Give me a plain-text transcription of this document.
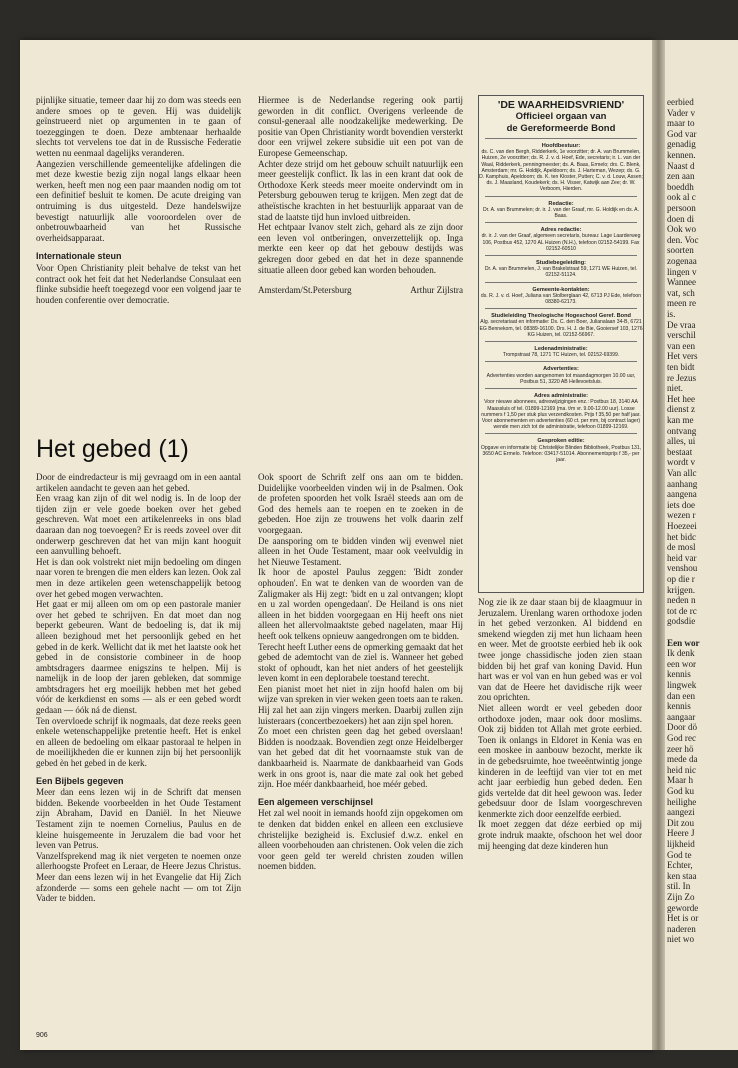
eerbied
Vader v
maar to
God var
genadig
kennen.
Naast d
zen aan
boeddh
ook al c
persoon
doen di
Ook wo
den. Voc
soorten
zogenaa
lingen v
Wannee
vat, sch
meen re
is.
De vraa
verschil
van een
Het vers
ten bidt
re Jezus
niet.
Het hee
dienst z
kan me
ontvang
alles, ui
bestaat
wordt v
Van allc
aanhang
aangena
iets doe
wezen r
Hoezeei
het bidc
de mosl
heid var
venshou
op die r
krijgen.
neden n
tot de rc
godsdie
Een wor
Ik denk
een wor
kennis
lingwek
dan een
kennis
aangaar
Door dö
God rec
zeer hö
mede da
heid nic
Maar h
God ku
heilighe
aangezi
Dit zou
Heere J
lijkheid
God te
Echter,
ken staa
stil. In
Zijn Zo
geworde
Het is or
naderen
niet wo

pijnlijke situatie, temeer daar hij zo dom was steeds een andere smoes op te geven. Hij was duidelijk geïnstrueerd niet op argumenten in te gaan of toezeggingen te doen. Deze ambtenaar herhaalde slechts tot vervelens toe dat in de Russische Federatie wetten nu eenmaal dagelijks veranderen.

Aangezien verschillende gemeentelijke afdelingen die met deze kwestie bezig zijn nogal langs elkaar heen werken, heeft men nog een paar maanden nodig om tot een definitief besluit te komen. De acute dreiging van ontruiming is dus uitgesteld. Deze handelswijze bevestigt natuurlijk alle vooroordelen over de onbetrouwbaarheid van het Russische overheidsapparaat.

Internationale steun

Voor Open Christianity pleit behalve de tekst van het contract ook het feit dat het Nederlandse Consulaat een flinke subsidie heeft toegezegd voor een volgend jaar te houden conferentie over democratie.

Hiermee is de Nederlandse regering ook partij geworden in dit conflict. Overigens verleende de consul-generaal alle noodzakelijke medewerking. De positie van Open Christianity wordt bovendien versterkt door een vrijwel zekere subsidie uit een pot van de Europese Gemeenschap.

Achter deze strijd om het gebouw schuilt natuurlijk een meer geestelijk conflict. Ik las in een krant dat ook de Orthodoxe Kerk steeds meer moeite ondervindt om in Petersburg gebouwen terug te krijgen. Men zegt dat de atheïstische krachten in het bestuurlijk apparaat van de stad de laatste tijd hun invloed uitbreiden.

Het echtpaar Ivanov stelt zich, gehard als ze zijn door een leven vol ontberingen, onverzettelijk op. Inga merkte een keer op dat het gebouw destijds was gekregen door gebed en dat het in deze spannende situatie alleen door gebed kan worden behouden.

Amsterdam/St.Petersburg	Arthur Zijlstra
'DE WAARHEIDSVRIEND'
Officieel orgaan van
de Gereformeerde Bond
Hoofdbestuur:
ds. C. van den Bergh, Ridderkerk, 1e voorzitter; dr. A. van Brummelen, Huizen, 2e voorzitter; ds. R. J. v. d. Hoef, Ede, secretaris; ir. L. van der Waal, Ridderkerk, penningmeester; ds. A. Baas, Ermelo; drs. C. Blenk, Amsterdam; mr. G. Holdijk, Apeldoorn; ds. J. Harteman, Wezep; ds. G. D. Kamphuis, Apeldoorn; ds. K. ten Kloster, Putten; C. v. d. Louw, Assen; ds. J. Maasland, Koudekerk; ds. H. Visser, Katwijk aan Zee; dr. W. Verboom, Hierden.
Redactie:
Dr. A. van Brummelen; dr. ir. J. van der Graaf, mr. G. Holdijk en ds. A. Baas.
Adres redactie:
dr. ir. J. van der Graaf, algemeen secretaris, bureau: Lage Laarderweg 106, Postbus 452, 1270 AL Huizen (N.H.), telefoon 02152-54199. Fax 02152-60510
Studiebegeleiding:
Dr. A. van Brummelen, J. van Brakelstraat 59, 1271 WE Huizen, tel. 02152-51124.
Gemeente-kontakten:
ds. R. J. v. d. Hoef, Juliana van Stolberglaan 42, 6713 PJ Ede, telefoon 08380-62173.
Studieleiding Theologische Hogeschool Geref. Bond
Alg. secretariaat en informatie: Ds. C. den Boer, Julianalaan 34-B, 6721 EG Bennekom, tel. 08389-16100. Drs. H. J. de Bie, Gooiersef 103, 1276 KG Huizen, tel. 02152-56967.
Ledenadministratie:
Trompstraat 78, 1271 TC Huizen, tel. 02152-69399.
Advertenties:
Advertenties worden aangenomen tot maandagmorgen 10.00 uur, Postbus 51, 3220 AB Hellevoetsluis.
Adres administratie:
Voor nieuwe abonnees, adreswijzigingen enz.: Postbus 18, 3140 AA Maassluis of tel. 01899-12169 (ma. t/m vr. 9.00-12.00 uur). Losse nummers f 1,50 per stuk plus verzendkosten. Prijs f 35,50 per half jaar. Voor abonnementen en advertenties (60 ct. per mm, bij contract lager) wende men zich tot de administratie, telefoon 01899-12169.
Gesproken editie:
Opgave en informatie bij: Christelijke Blinden Bibliotheek, Postbus 131, 3650 AC Ermelo. Telefoon: 03417-51014. Abonnementsprijs f 35,- per jaar.
Het gebed (1)

Door de eindredacteur is mij gevraagd om in een aantal artikelen aandacht te geven aan het gebed.

Een vraag kan zijn of dit wel nodig is. In de loop der tijden zijn er vele goede boeken over het gebed geschreven. Wat moet een artikelenreeks in ons blad daaraan dan nog toevoegen? Er is reeds zoveel over dit onderwerp geschreven dat het van mijn kant hooguit een aanvulling behoeft.

Het is dan ook volstrekt niet mijn bedoeling om dingen naar voren te brengen die men elders kan lezen. Ook zal men in deze artikelen geen wetenschappelijk betoog over het gebed mogen verwachten.

Het gaat er mij alleen om om op een pastorale manier over het gebed te schrijven. En dat moet dan nog beperkt gebeuren. Want de bedoeling is, dat ik mij alleen bezighoud met het persoonlijk gebed en het gebed in de kerk. Wellicht dat ik met het laatste ook het gebed in de consistorie combineer in de hoop ambtsdragers daarmee enigszins te helpen. Mij is namelijk in de loop der jaren gebleken, dat sommige ambtsdragers het erg moeilijk hebben met het gebed vóór de kerkdienst en soms — als er een gebed wordt gedaan — óók ná de dienst.

Ten overvloede schrijf ik nogmaals, dat deze reeks geen enkele wetenschappelijke pretentie heeft. Het is enkel en alleen de bedoeling om elkaar pastoraal te helpen in de moeilijkheden die er kunnen zijn bij het persoonlijk gebed èn het gebed in de kerk.

Een Bijbels gegeven

Meer dan eens lezen wij in de Schrift dat mensen bidden. Bekende voorbeelden in het Oude Testament zijn Abraham, David en Daniël. In het Nieuwe Testament zijn te noemen Cornelius, Paulus en de kleine huisgemeente in Jeruzalem die bad voor het leven van Petrus.

Vanzelfsprekend mag ik niet vergeten te noemen onze allerhoogste Profeet en Leraar, de Heere Jezus Christus. Meer dan eens lezen wij in het Evangelie dat Hij Zich afzonderde — soms een gehele nacht — om tot Zijn Vader te bidden.

Ook spoort de Schrift zelf ons aan om te bidden. Duidelijke voorbeelden vinden wij in de Psalmen. Ook de profeten spoorden het volk Israël steeds aan om de God des hemels aan te roepen en te zoeken in de gebeden. Hoe zijn ze trouwens het volk daarin zelf voorgegaan.

De aansporing om te bidden vinden wij evenwel niet alleen in het Oude Testament, maar ook veelvuldig in het Nieuwe Testament.

Ik hoor de apostel Paulus zeggen: 'Bidt zonder ophouden'. En wat te denken van de woorden van de Zaligmaker als Hij zegt: 'bidt en u zal ontvangen; klopt en u zal worden opengedaan'. De Heiland is ons niet alleen in het bidden voorgegaan en Hij heeft ons niet alleen het allervolmaaktste gebed nagelaten, maar Hij heeft ook telkens opnieuw aangedrongen om te bidden.

Terecht heeft Luther eens de opmerking gemaakt dat het gebed de ademtocht van de ziel is. Wanneer het gebed stokt of ophoudt, kan het niet anders of het geestelijk leven komt in een deplorabele toestand terecht.

Een pianist moet het niet in zijn hoofd halen om bij wijze van spreken in vier weken geen toets aan te raken. Hij zal het aan zijn vingers merken. Daarbij zullen zijn luisteraars (concertbezoekers) het aan zijn spel horen.

Zo moet een christen geen dag het gebed overslaan! Bidden is noodzaak. Bovendien zegt onze Heidelberger van het gebed dat dit het voornaamste stuk van de dankbaarheid is. Naarmate de dankbaarheid van Gods werk in ons groot is, naar die mate zal ook het gebed zijn. Hoe méér dankbaarheid, hoe méér gebed.

Een algemeen verschijnsel

Het zal wel nooit in iemands hoofd zijn opgekomen om te denken dat bidden enkel en alleen een exclusieve christelijke bezigheid is. Exclusief d.w.z. enkel en alleen voorbehouden aan christenen. Ook velen die zich voor geen geld ter wereld christen zouden willen noemen bidden.

Nog zie ik ze daar staan bij de klaagmuur in Jeruzalem. Urenlang waren orthodoxe joden in het gebed verzonken. Al biddend en smekend wiegden zij met hun lichaam heen en weer. Met de grootste eerbied heb ik ook twee jonge chassidische joden zien staan bidden bij het graf van koning David. Hun hart was er vol van en hun gebed was er vol van dat de Heere het davidische rijk weer zou oprichten.

Niet alleen wordt er veel gebeden door orthodoxe joden, maar ook door moslims. Ook zij bidden tot Allah met grote eerbied. Toen ik onlangs in Eldoret in Kenia was en een moskee in aanbouw bezocht, merkte ik in de gebedsruimte, hoe tweeëntwintig jonge kinderen in de leeftijd van vier tot en met acht jaar eerbiedig hun gebed deden. Een gids vertelde dat dit heel gewoon was. Ieder gebedsuur door de Islam voorgeschreven kenmerkte zich door eenzelfde eerbied.

Ik moet zeggen dat déze eerbied op mij grote indruk maakte, ofschoon het wel door mij heenging dat deze kinderen hun

906
